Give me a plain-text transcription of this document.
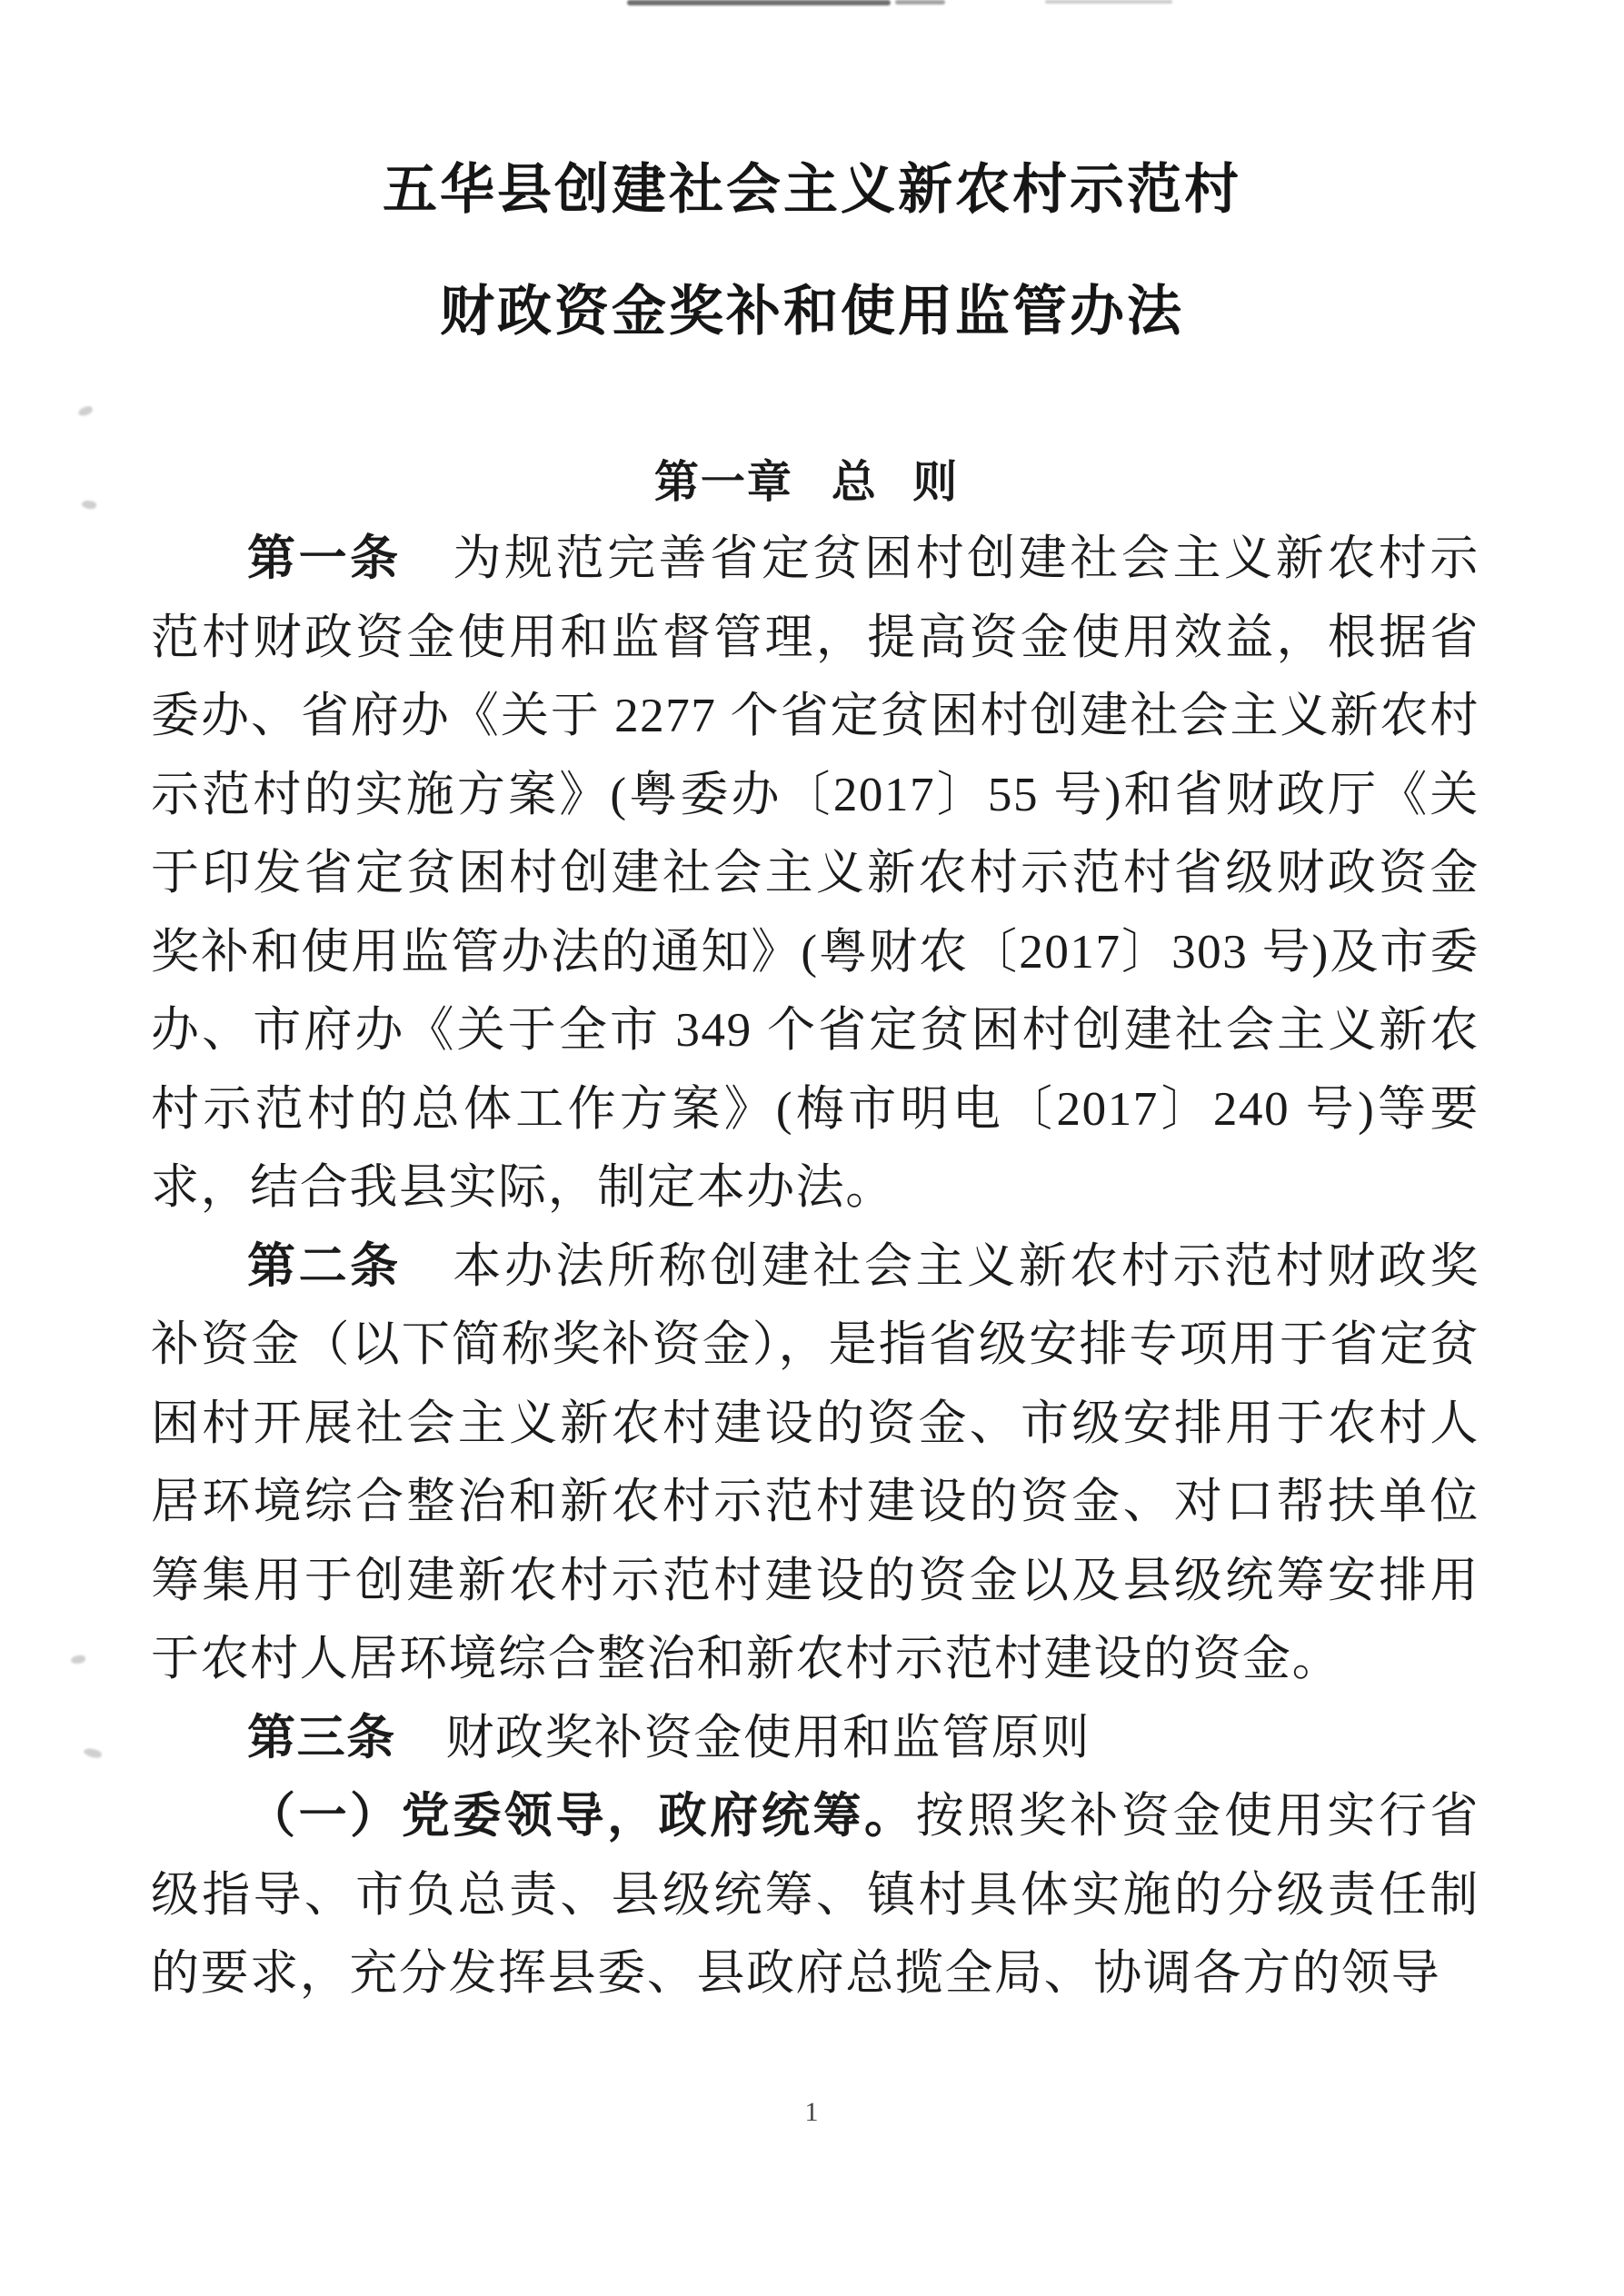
五华县创建社会主义新农村示范村
财政资金奖补和使用监管办法
第一章 总 则

第一条　为规范完善省定贫困村创建社会主义新农村示范村财政资金使用和监督管理，提高资金使用效益，根据省委办、省府办《关于 2277 个省定贫困村创建社会主义新农村示范村的实施方案》(粤委办〔2017〕55 号)和省财政厅《关于印发省定贫困村创建社会主义新农村示范村省级财政资金奖补和使用监管办法的通知》(粤财农〔2017〕303 号)及市委办、市府办《关于全市 349 个省定贫困村创建社会主义新农村示范村的总体工作方案》(梅市明电〔2017〕240 号)等要求，结合我县实际，制定本办法。

第二条　本办法所称创建社会主义新农村示范村财政奖补资金（以下简称奖补资金），是指省级安排专项用于省定贫困村开展社会主义新农村建设的资金、市级安排用于农村人居环境综合整治和新农村示范村建设的资金、对口帮扶单位筹集用于创建新农村示范村建设的资金以及县级统筹安排用于农村人居环境综合整治和新农村示范村建设的资金。

第三条　财政奖补资金使用和监管原则

（一）党委领导，政府统筹。按照奖补资金使用实行省级指导、市负总责、县级统筹、镇村具体实施的分级责任制的要求，充分发挥县委、县政府总揽全局、协调各方的领导

1
